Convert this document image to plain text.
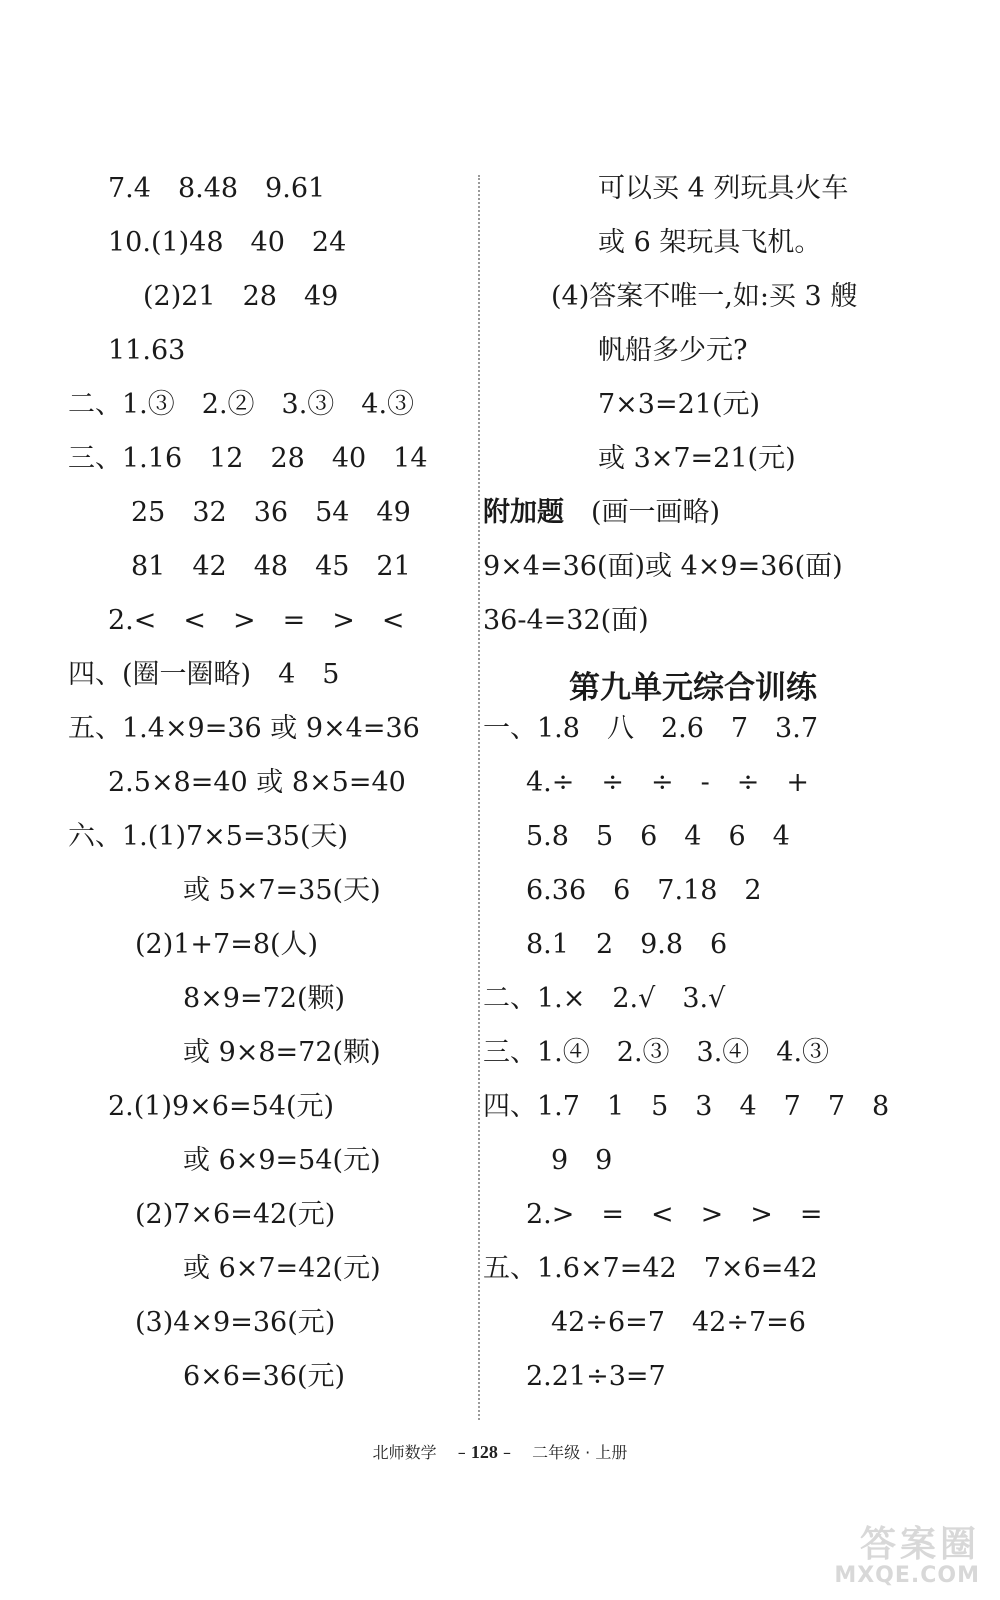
7.4　8.48　9.61
10.(1)48　40　24
(2)21　28　49
11.63
二、1.③　2.②　3.③　4.③
三、1.16　12　28　40　14
25　32　36　54　49
81　42　48　45　21
2.<　<　>　=　>　<
四、(圈一圈略)　4　5
五、1.4×9=36 或 9×4=36
2.5×8=40 或 8×5=40
六、1.(1)7×5=35(天)
或 5×7=35(天)
(2)1+7=8(人)
8×9=72(颗)
或 9×8=72(颗)
2.(1)9×6=54(元)
或 6×9=54(元)
(2)7×6=42(元)
或 6×7=42(元)
(3)4×9=36(元)
6×6=36(元)
可以买 4 列玩具火车
或 6 架玩具飞机。
(4)答案不唯一,如:买 3 艘
帆船多少元?
7×3=21(元)
或 3×7=21(元)
附加题　 (画一画略)
9×4=36(面)或 4×9=36(面)
36-4=32(面)
一、1.8　八　2.6　7　3.7
4.÷　÷　÷　-　÷　+
5.8　5　6　4　6　4
6.36　6　7.18　2
8.1　2　9.8　6
二、1.×　2.√　3.√
三、1.④　2.③　3.④　4.③
四、1.7　1　5　3　4　7　7　8
9　9
2.>　=　<　>　>　=
五、1.6×7=42　7×6=42
42÷6=7　42÷7=6
2.21÷3=7
第九单元综合训练
北师数学 　– 128 –　 二年级 · 上册
答案圈
MXQE.COM
